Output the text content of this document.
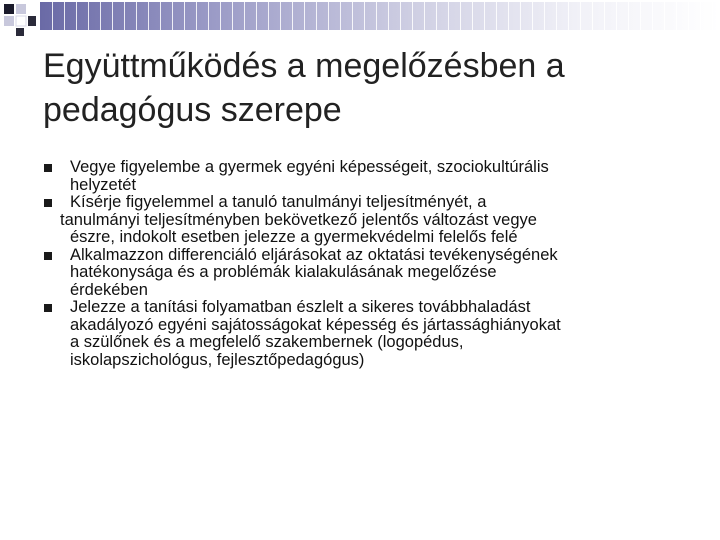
Együttműködés a megelőzésben a
pedagógus szerepe
Vegye figyelembe a gyermek egyéni képességeit, szociokultúrális
helyzetét
Kísérje figyelemmel a tanuló tanulmányi teljesítményét, a
tanulmányi teljesítményben bekövetkező jelentős változást vegye
észre, indokolt esetben jelezze a gyermekvédelmi felelős felé
Alkalmazzon differenciáló eljárásokat az oktatási tevékenységének
hatékonysága és a problémák kialakulásának megelőzése
érdekében
Jelezze a tanítási folyamatban észlelt a sikeres továbbhaladást
akadályozó egyéni sajátosságokat képesség és jártassághiányokat
a szülőnek és a megfelelő szakembernek (logopédus,
iskolapszichológus, fejlesztőpedagógus)
